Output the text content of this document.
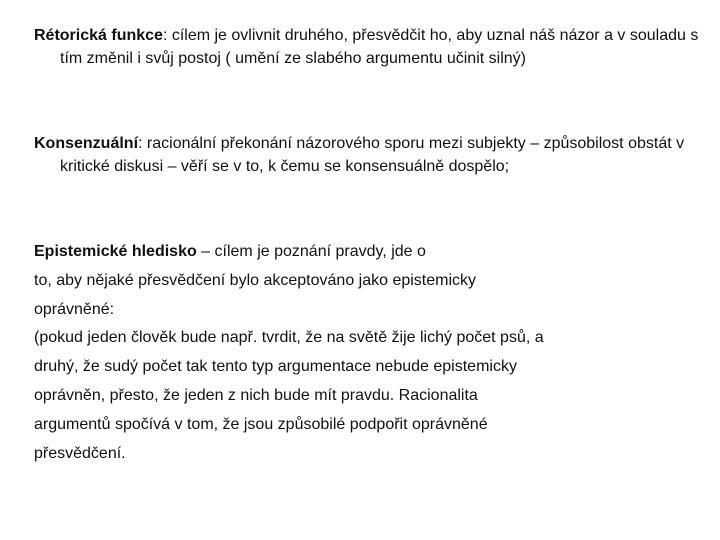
Rétorická funkce: cílem je ovlivnit druhého, přesvědčit ho, aby uznal náš názor a v souladu s tím změnil i svůj postoj ( umění ze slabého argumentu učinit silný)
Konsenzuální: racionální překonání názorového sporu mezi subjekty – způsobilost obstát v kritické diskusi – věří se v to, k čemu se konsensuálně dospělo;
Epistemické hledisko – cílem je poznání pravdy, jde o
to, aby nějaké přesvědčení bylo akceptováno jako epistemicky
oprávněné:
(pokud jeden člověk bude např. tvrdit, že na světě žije lichý počet psů, a
druhý, že sudý počet tak tento typ argumentace nebude epistemicky
oprávněn, přesto, že jeden z nich bude mít pravdu. Racionalita
argumentů spočívá v tom, že jsou způsobilé podpořit oprávněné
přesvědčení.
